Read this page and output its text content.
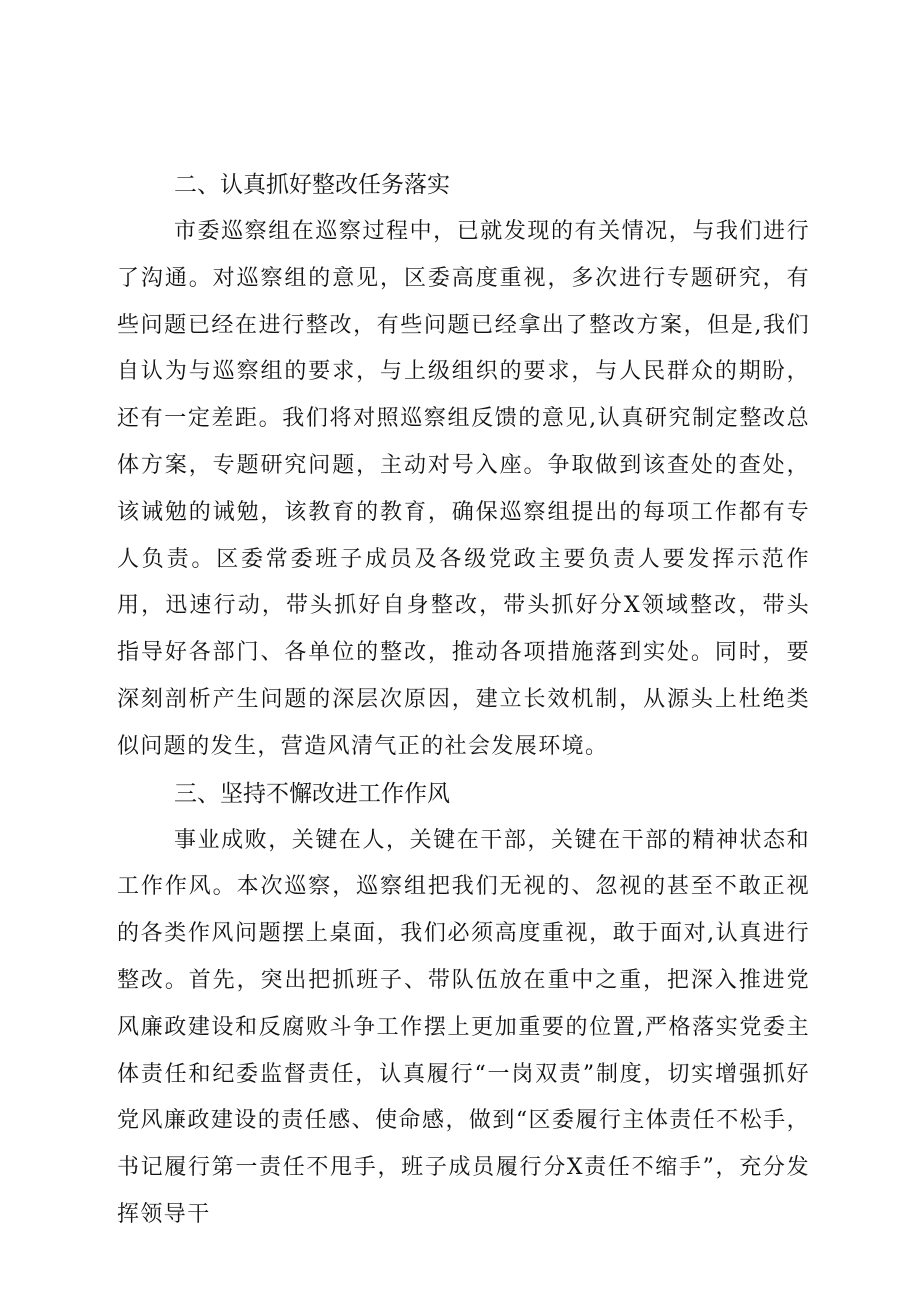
二、认真抓好整改任务落实

市委巡察组在巡察过程中，已就发现的有关情况，与我们进行了沟通。对巡察组的意见，区委高度重视，多次进行专题研究，有些问题已经在进行整改，有些问题已经拿出了整改方案，但是,我们自认为与巡察组的要求，与上级组织的要求，与人民群众的期盼，还有一定差距。我们将对照巡察组反馈的意见,认真研究制定整改总体方案，专题研究问题，主动对号入座。争取做到该查处的查处，该诫勉的诫勉，该教育的教育，确保巡察组提出的每项工作都有专人负责。区委常委班子成员及各级党政主要负责人要发挥示范作用，迅速行动，带头抓好自身整改，带头抓好分X领域整改，带头指导好各部门、各单位的整改，推动各项措施落到实处。同时，要深刻剖析产生问题的深层次原因，建立长效机制，从源头上杜绝类似问题的发生，营造风清气正的社会发展环境。

三、坚持不懈改进工作作风

事业成败，关键在人，关键在干部，关键在干部的精神状态和工作作风。本次巡察，巡察组把我们无视的、忽视的甚至不敢正视的各类作风问题摆上桌面，我们必须高度重视，敢于面对,认真进行整改。首先，突出把抓班子、带队伍放在重中之重，把深入推进党风廉政建设和反腐败斗争工作摆上更加重要的位置,严格落实党委主体责任和纪委监督责任，认真履行“一岗双责”制度，切实增强抓好党风廉政建设的责任感、使命感，做到“区委履行主体责任不松手，书记履行第一责任不甩手，班子成员履行分X责任不缩手”，充分发挥领导干
